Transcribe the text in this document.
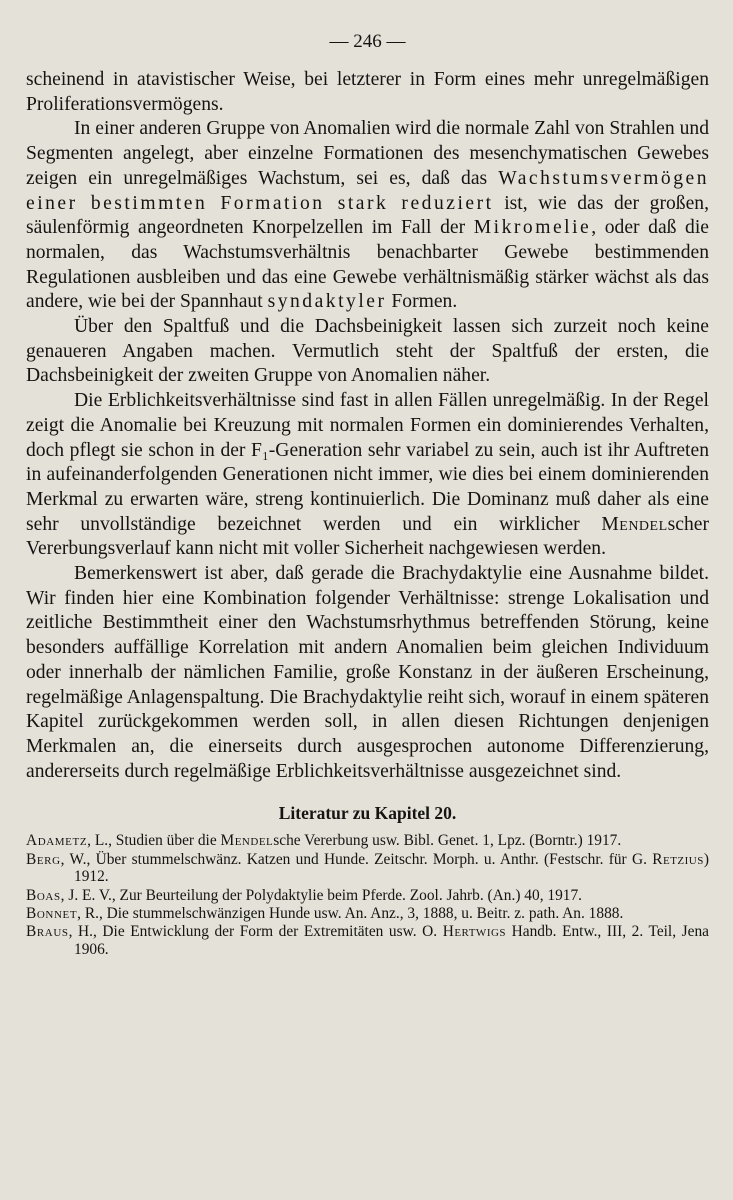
— 246 —

scheinend in atavistischer Weise, bei letzterer in Form eines mehr unregelmäßigen Proliferationsvermögens.

In einer anderen Gruppe von Anomalien wird die normale Zahl von Strahlen und Segmenten angelegt, aber einzelne Formationen des mesenchymatischen Gewebes zeigen ein unregelmäßiges Wachstum, sei es, daß das Wachstumsvermögen einer bestimmten Formation stark reduziert ist, wie das der großen, säulenförmig angeordneten Knorpelzellen im Fall der Mikromelie, oder daß die normalen, das Wachstumsverhältnis benachbarter Gewebe bestimmenden Regulationen ausbleiben und das eine Gewebe verhältnismäßig stärker wächst als das andere, wie bei der Spannhaut syndaktyler Formen.

Über den Spaltfuß und die Dachsbeinigkeit lassen sich zurzeit noch keine genaueren Angaben machen. Vermutlich steht der Spaltfuß der ersten, die Dachsbeinigkeit der zweiten Gruppe von Anomalien näher.

Die Erblichkeitsverhältnisse sind fast in allen Fällen unregelmäßig. In der Regel zeigt die Anomalie bei Kreuzung mit normalen Formen ein dominierendes Verhalten, doch pflegt sie schon in der F₁-Generation sehr variabel zu sein, auch ist ihr Auftreten in aufeinanderfolgenden Generationen nicht immer, wie dies bei einem dominierenden Merkmal zu erwarten wäre, streng kontinuierlich. Die Dominanz muß daher als eine sehr unvollständige bezeichnet werden und ein wirklicher Mendelscher Vererbungsverlauf kann nicht mit voller Sicherheit nachgewiesen werden.

Bemerkenswert ist aber, daß gerade die Brachydaktylie eine Ausnahme bildet. Wir finden hier eine Kombination folgender Verhältnisse: strenge Lokalisation und zeitliche Bestimmtheit einer den Wachstumsrhythmus betreffenden Störung, keine besonders auffällige Korrelation mit andern Anomalien beim gleichen Individuum oder innerhalb der nämlichen Familie, große Konstanz in der äußeren Erscheinung, regelmäßige Anlagenspaltung. Die Brachydaktylie reiht sich, worauf in einem späteren Kapitel zurückgekommen werden soll, in allen diesen Richtungen denjenigen Merkmalen an, die einerseits durch ausgesprochen autonome Differenzierung, andererseits durch regelmäßige Erblichkeitsverhältnisse ausgezeichnet sind.

Literatur zu Kapitel 20.
Adametz, L., Studien über die Mendelsche Vererbung usw. Bibl. Genet. 1, Lpz. (Borntr.) 1917.
Berg, W., Über stummelschwänz. Katzen und Hunde. Zeitschr. Morph. u. Anthr. (Festschr. für G. Retzius) 1912.
Boas, J. E. V., Zur Beurteilung der Polydaktylie beim Pferde. Zool. Jahrb. (An.) 40, 1917.
Bonnet, R., Die stummelschwänzigen Hunde usw. An. Anz., 3, 1888, u. Beitr. z. path. An. 1888.
Braus, H., Die Entwicklung der Form der Extremitäten usw. O. Hertwigs Handb. Entw., III, 2. Teil, Jena 1906.
